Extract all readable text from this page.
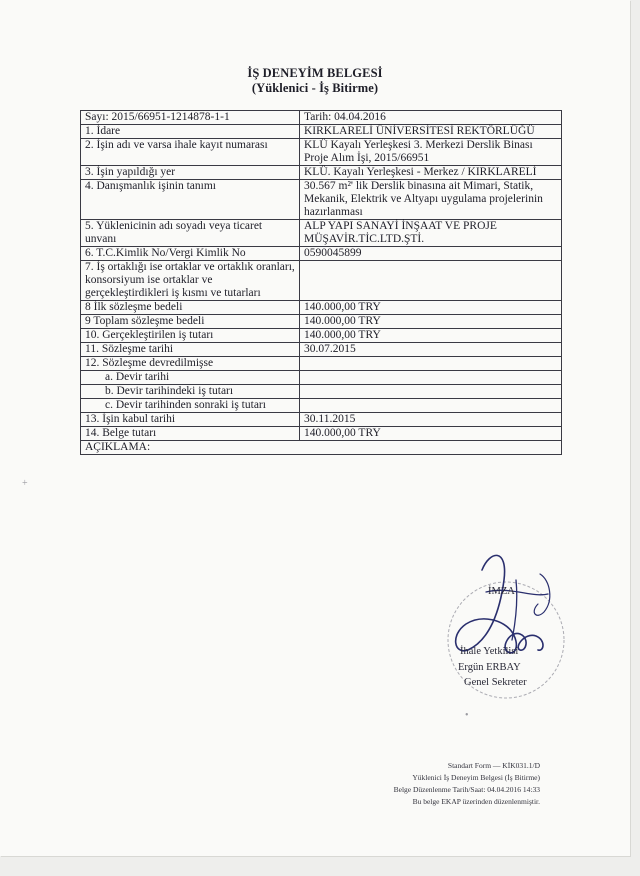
İŞ DENEYİM BELGESİ
(Yüklenici - İş Bitirme)
Sayı: 2015/66951-1214878-1-1	Tarih: 04.04.2016
1. İdare	KIRKLARELİ ÜNİVERSİTESİ REKTÖRLÜĞÜ
2. İşin adı ve varsa ihale kayıt numarası	KLÜ Kayalı Yerleşkesi 3. Merkezi Derslik Binası Proje Alım İşi, 2015/66951
3. İşin yapıldığı yer	KLÜ. Kayalı Yerleşkesi - Merkez / KIRKLARELİ
4. Danışmanlık işinin tanımı	30.567 m²' lik Derslik binasına ait Mimari, Statik, Mekanik, Elektrik ve Altyapı uygulama projelerinin hazırlanması
5. Yüklenicinin adı soyadı veya ticaret unvanı	ALP YAPI SANAYİ İNŞAAT VE PROJE MÜŞAVİR.TİC.LTD.ŞTİ.
6. T.C.Kimlik No/Vergi Kimlik No	0590045899
7. İş ortaklığı ise ortaklar ve ortaklık oranları, konsorsiyum ise ortaklar ve gerçekleştirdikleri iş kısmı ve tutarları	
8 İlk sözleşme bedeli	140.000,00 TRY
9 Toplam sözleşme bedeli	140.000,00 TRY
10. Gerçekleştirilen iş tutarı	140.000,00 TRY
11. Sözleşme tarihi	30.07.2015
12. Sözleşme devredilmişse	
a. Devir tarihi	
b. Devir tarihindeki iş tutarı	
c. Devir tarihinden sonraki iş tutarı	
13. İşin kabul tarihi	30.11.2015
14. Belge tutarı	140.000,00 TRY
AÇIKLAMA:	
İMZA
İhale Yetkilisi
Ergün ERBAY
Genel Sekreter
•
+
Standart Form — KİK031.1/D
Yüklenici İş Deneyim Belgesi (İş Bitirme)
Belge Düzenlenme Tarih/Saat: 04.04.2016 14:33
Bu belge EKAP üzerinden düzenlenmiştir.
